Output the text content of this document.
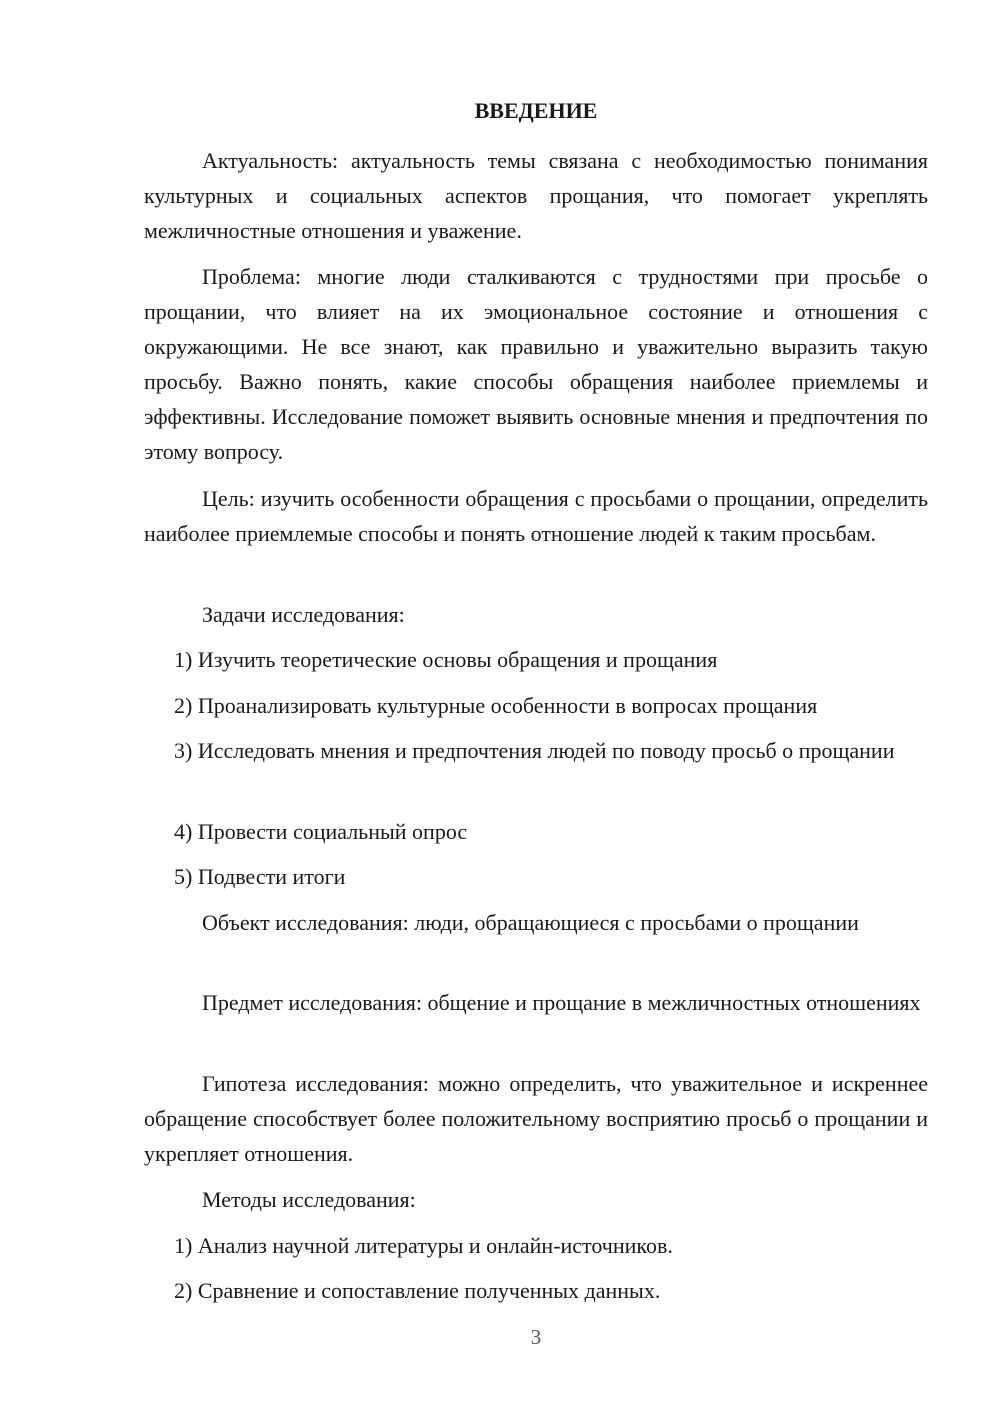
ВВЕДЕНИЕ
Актуальность: актуальность темы связана с необходимостью понимания культурных и социальных аспектов прощания, что помогает укреплять межличностные отношения и уважение.
Проблема: многие люди сталкиваются с трудностями при просьбе о прощании, что влияет на их эмоциональное состояние и отношения с окружающими. Не все знают, как правильно и уважительно выразить такую просьбу. Важно понять, какие способы обращения наиболее приемлемы и эффективны. Исследование поможет выявить основные мнения и предпочтения по этому вопросу.
Цель: изучить особенности обращения с просьбами о прощании, определить наиболее приемлемые способы и понять отношение людей к таким просьбам.
Задачи исследования:
1) Изучить теоретические основы обращения и прощания
2) Проанализировать культурные особенности в вопросах прощания
3) Исследовать мнения и предпочтения людей по поводу просьб о прощании
4) Провести социальный опрос
5) Подвести итоги
Объект исследования: люди, обращающиеся с просьбами о прощании
Предмет исследования: общение и прощание в межличностных отношениях
Гипотеза исследования: можно определить, что уважительное и искреннее обращение способствует более положительному восприятию просьб о прощании и укрепляет отношения.
Методы исследования:
1) Анализ научной литературы и онлайн-источников.
2) Сравнение и сопоставление полученных данных.
3
